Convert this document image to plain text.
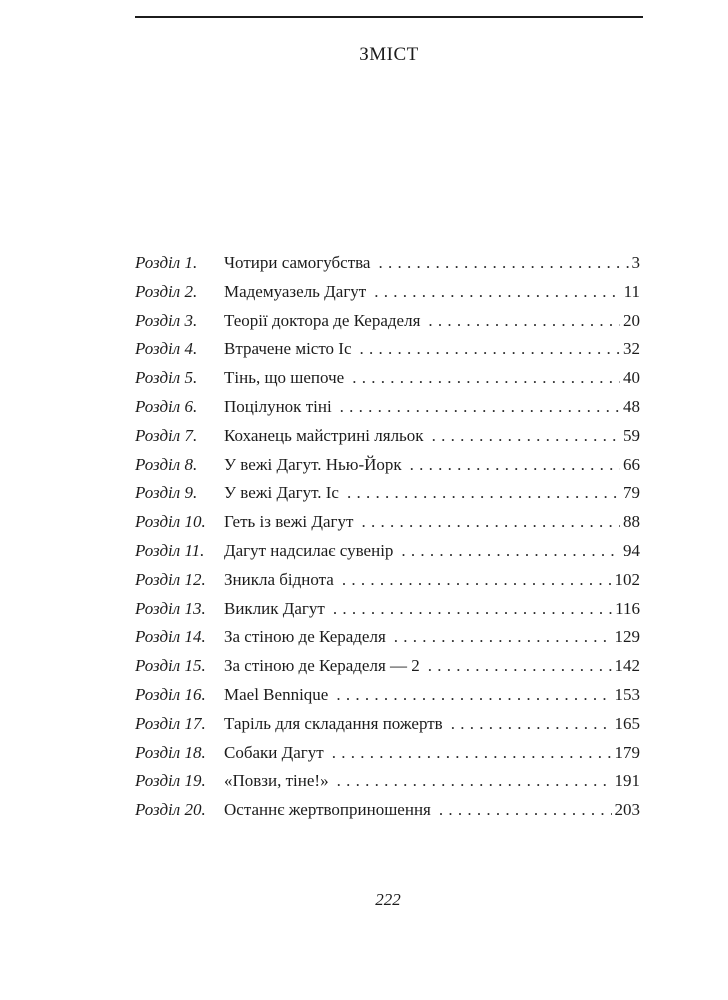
ЗМІСТ
Розділ 1.	Чотири самогубства . . .	3
Розділ 2.	Мадемуазель Дагут . . .	11
Розділ 3.	Теорії доктора де Керaделя . . .	20
Розділ 4.	Втрачене місто Іс . . .	32
Розділ 5.	Тінь, що шепоче . . .	40
Розділ 6.	Поцілунок тіні . . .	48
Розділ 7.	Коханець майстрині ляльок . . .	59
Розділ 8.	У вежі Дагут. Нью-Йорк . . .	66
Розділ 9.	У вежі Дагут. Іс . . .	79
Розділ 10.	Геть із вежі Дагут . . .	88
Розділ 11.	Дагут надсилає сувенір . . .	94
Розділ 12.	Зникла біднота . . .	102
Розділ 13.	Виклик Дагут . . .	116
Розділ 14.	За стіною де Керaделя . . .	129
Розділ 15.	За стіною де Керaделя — 2 . . .	142
Розділ 16.	Mael Bennique . . .	153
Розділ 17.	Таріль для складання пожертв . . .	165
Розділ 18.	Собаки Дагут . . .	179
Розділ 19.	«Повзи, тіне!» . . .	191
Розділ 20.	Останнє жертвоприношення . . .	203
222
